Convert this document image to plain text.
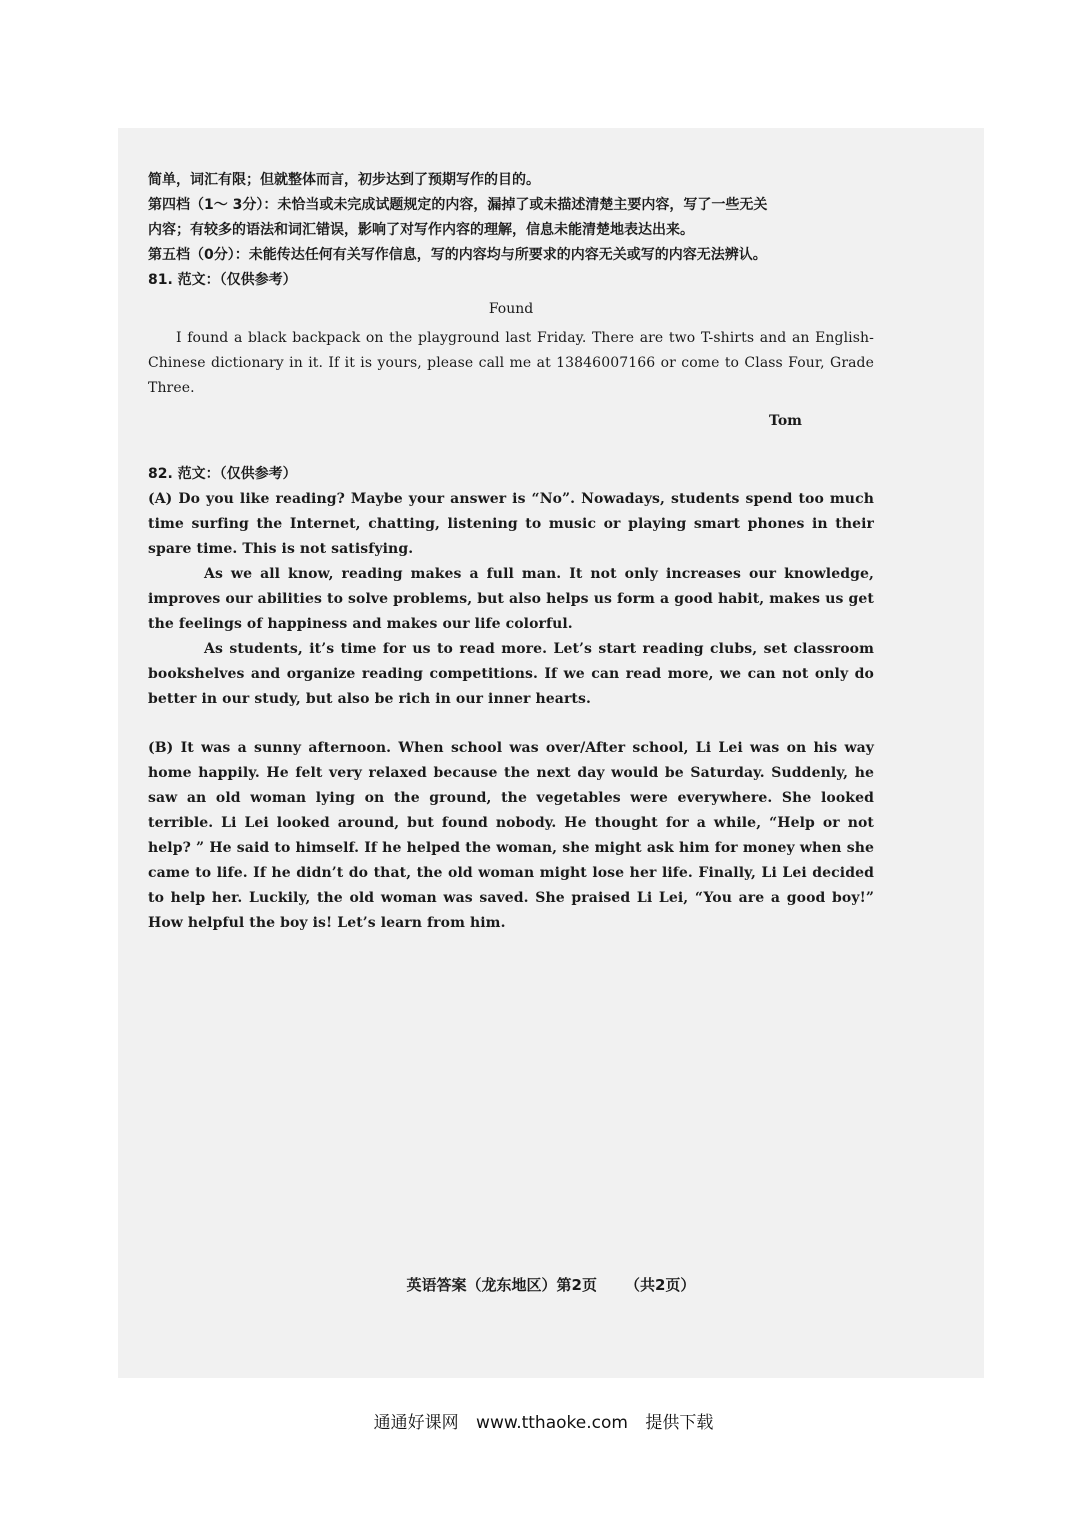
简单，词汇有限；但就整体而言，初步达到了预期写作的目的。
第四档（1～ 3分）：未恰当或未完成试题规定的内容，漏掉了或未描述清楚主要内容，写了一些无关
内容；有较多的语法和词汇错误，影响了对写作内容的理解，信息未能清楚地表达出来。
第五档（0分）：未能传达任何有关写作信息，写的内容均与所要求的内容无关或写的内容无法辨认。
81. 范文：（仅供参考）
Found
I found a black backpack on the playground last Friday. There are two T-shirts and an English-Chinese dictionary in it. If it is yours, please call me at 13846007166 or come to Class Four, Grade Three.
Tom
82. 范文：（仅供参考）
(A) Do you like reading? Maybe your answer is “No”. Nowadays, students spend too much time surfing the Internet, chatting, listening to music or playing smart phones in their spare time. This is not satisfying.
As we all know, reading makes a full man. It not only increases our knowledge, improves our abilities to solve problems, but also helps us form a good habit, makes us get the feelings of happiness and makes our life colorful.
As students, it’s time for us to read more. Let’s start reading clubs, set classroom bookshelves and organize reading competitions. If we can read more, we can not only do better in our study, but also be rich in our inner hearts.
(B) It was a sunny afternoon. When school was over/After school, Li Lei was on his way home happily. He felt very relaxed because the next day would be Saturday. Suddenly, he saw an old woman lying on the ground, the vegetables were everywhere. She looked terrible. Li Lei looked around, but found nobody. He thought for a while, “Help or not help? ” He said to himself. If he helped the woman, she might ask him for money when she came to life. If he didn’t do that, the old woman might lose her life. Finally, Li Lei decided to help her. Luckily, the old woman was saved. She praised Li Lei, “You are a good boy!” How helpful the boy is! Let’s learn from him.
英语答案（龙东地区）第2页 （共2页）
通通好课网 www.tthaoke.com 提供下载
